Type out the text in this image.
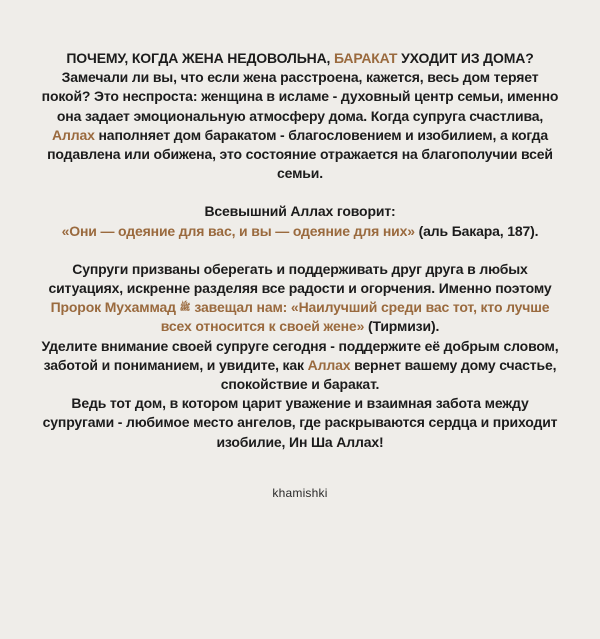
ПОЧЕМУ, КОГДА ЖЕНА НЕДОВОЛЬНА, БАРАКАТ УХОДИТ ИЗ ДОМА?
Замечали ли вы, что если жена расстроена, кажется, весь дом теряет покой? Это неспроста: женщина в исламе - духовный центр семьи, именно она задает эмоциональную атмосферу дома. Когда супруга счастлива, Аллах наполняет дом баракатом - благословением и изобилием, а когда подавлена или обижена, это состояние отражается на благополучии всей семьи.

Всевышний Аллах говорит:
«Они — одеяние для вас, и вы — одеяние для них» (аль Бакара, 187).

Супруги призваны оберегать и поддерживать друг друга в любых ситуациях, искренне разделяя все радости и огорчения. Именно поэтому Пророк Мухаммад ﷺ завещал нам: «Наилучший среди вас тот, кто лучше всех относится к своей жене» (Тирмизи).
Уделите внимание своей супруге сегодня - поддержите её добрым словом, заботой и пониманием, и увидите, как Аллах вернет вашему дому счастье, спокойствие и баракат.
Ведь тот дом, в котором царит уважение и взаимная забота между супругами - любимое место ангелов, где раскрываются сердца и приходит изобилие, Ин Ша Аллах!

khamishki
